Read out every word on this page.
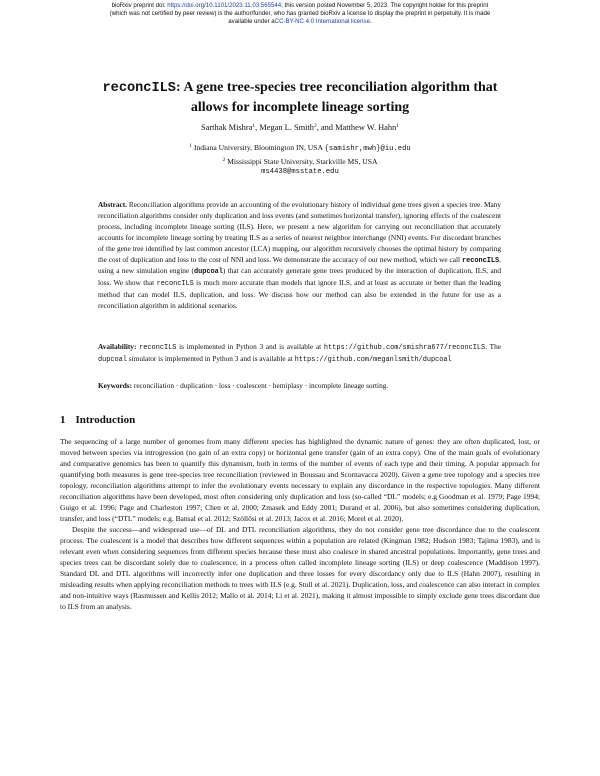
bioRxiv preprint doi: https://doi.org/10.1101/2023.11.03.565544; this version posted November 5, 2023. The copyright holder for this preprint
(which was not certified by peer review) is the author/funder, who has granted bioRxiv a license to display the preprint in perpetuity. It is made
available under aCC-BY-NC 4.0 International license.
reconcILS: A gene tree-species tree reconciliation algorithm that
allows for incomplete lineage sorting
Sarthak Mishra$^1$, Megan L. Smith$^2$, and Matthew W. Hahn$^1$
$^1$ Indiana University, Bloomington IN, USA {samishr,mwh}@iu.edu
$^2$ Mississippi State University, Starkville MS, USA
ms4438@msstate.edu
Abstract. Reconciliation algorithms provide an accounting of the evolutionary history of individual gene trees given a species tree. Many reconciliation algorithms consider only duplication and loss events (and sometimes horizontal transfer), ignoring effects of the coalescent process, including incomplete lineage sorting (ILS). Here, we present a new algorithm for carrying out reconciliation that accurately accounts for incomplete lineage sorting by treating ILS as a series of nearest neighbor interchange (NNI) events. For discordant branches of the gene tree identified by last common ancestor (LCA) mapping, our algorithm recursively chooses the optimal history by comparing the cost of duplication and loss to the cost of NNI and loss. We demonstrate the accuracy of our new method, which we call reconcILS, using a new simulation engine (dupcoal) that can accurately generate gene trees produced by the interaction of duplication, ILS, and loss. We show that reconcILS is much more accurate than models that ignore ILS, and at least as accurate or better than the leading method that can model ILS, duplication, and loss. We discuss how our method can also be extended in the future for use as a reconciliation algorithm in additional scenarios.
Availability: reconcILS is implemented in Python 3 and is available at https://github.com/smishra677/reconcILS. The dupcoal simulator is implemented in Python 3 and is available at https://github.com/meganlsmith/dupcoal
Keywords: reconciliation · duplication · loss · coalescent · hemiplasy · incomplete lineage sorting.
1 Introduction

The sequencing of a large number of genomes from many different species has highlighted the dynamic nature of genes: they are often duplicated, lost, or moved between species via introgression (no gain of an extra copy) or horizontal gene transfer (gain of an extra copy). One of the main goals of evolutionary and comparative genomics has been to quantify this dynamism, both in terms of the number of events of each type and their timing. A popular approach for quantifying both measures is gene tree-species tree reconciliation (reviewed in Boussau and Scornavacca 2020). Given a gene tree topology and a species tree topology, reconciliation algorithms attempt to infer the evolutionary events necessary to explain any discordance in the respective topologies. Many different reconciliation algorithms have been developed, most often considering only duplication and loss (so-called “DL” models; e.g Goodman et al. 1979; Page 1994; Guigo et al. 1996; Page and Charleston 1997; Chen et al. 2000; Zmasek and Eddy 2001; Durand et al. 2006), but also sometimes considering duplication, transfer, and loss (“DTL” models; e.g. Bansal et al. 2012; Szöllősi et al. 2013; Jacox et al. 2016; Morel et al. 2020).

Despite the success—and widespread use—of DL and DTL reconciliation algorithms, they do not consider gene tree discordance due to the coalescent process. The coalescent is a model that describes how different sequences within a population are related (Kingman 1982; Hudson 1983; Tajima 1983), and is relevant even when considering sequences from different species because these must also coalesce in shared ancestral populations. Importantly, gene trees and species trees can be discordant solely due to coalescence, in a process often called incomplete lineage sorting (ILS) or deep coalescence (Maddison 1997). Standard DL and DTL algorithms will incorrectly infer one duplication and three losses for every discordancy only due to ILS (Hahn 2007), resulting in misleading results when applying reconciliation methods to trees with ILS (e.g. Stull et al. 2021). Duplication, loss, and coalescence can also interact in complex and non-intuitive ways (Rasmussen and Kellis 2012; Mallo et al. 2014; Li et al. 2021), making it almost impossible to simply exclude gene trees discordant due to ILS from an analysis.
